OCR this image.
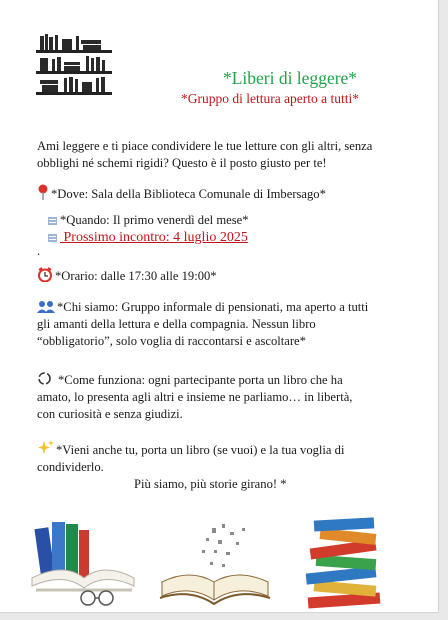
*Liberi di leggere*
*Gruppo di lettura aperto a tutti*
Ami leggere e ti piace condividere le tue letture con gli altri, senza obblighi né schemi rigidi? Questo è il posto giusto per te!
*Dove: Sala della Biblioteca Comunale di Imbersago*
*Quando: Il primo venerdì del mese*
Prossimo incontro: 4 luglio 2025
.
*Orario: dalle 17:30 alle 19:00*
*Chi siamo: Gruppo informale di pensionati, ma aperto a tutti
gli amanti della lettura e della compagnia. Nessun libro
“obbligatorio”, solo voglia di raccontarsi e ascoltare*
*Come funziona: ogni partecipante porta un libro che ha
amato, lo presenta agli altri e insieme ne parliamo… in libertà,
con curiosità e senza giudizi.
*Vieni anche tu, porta un libro (se vuoi) e la tua voglia di
condividerlo.
Più siamo, più storie girano! *
